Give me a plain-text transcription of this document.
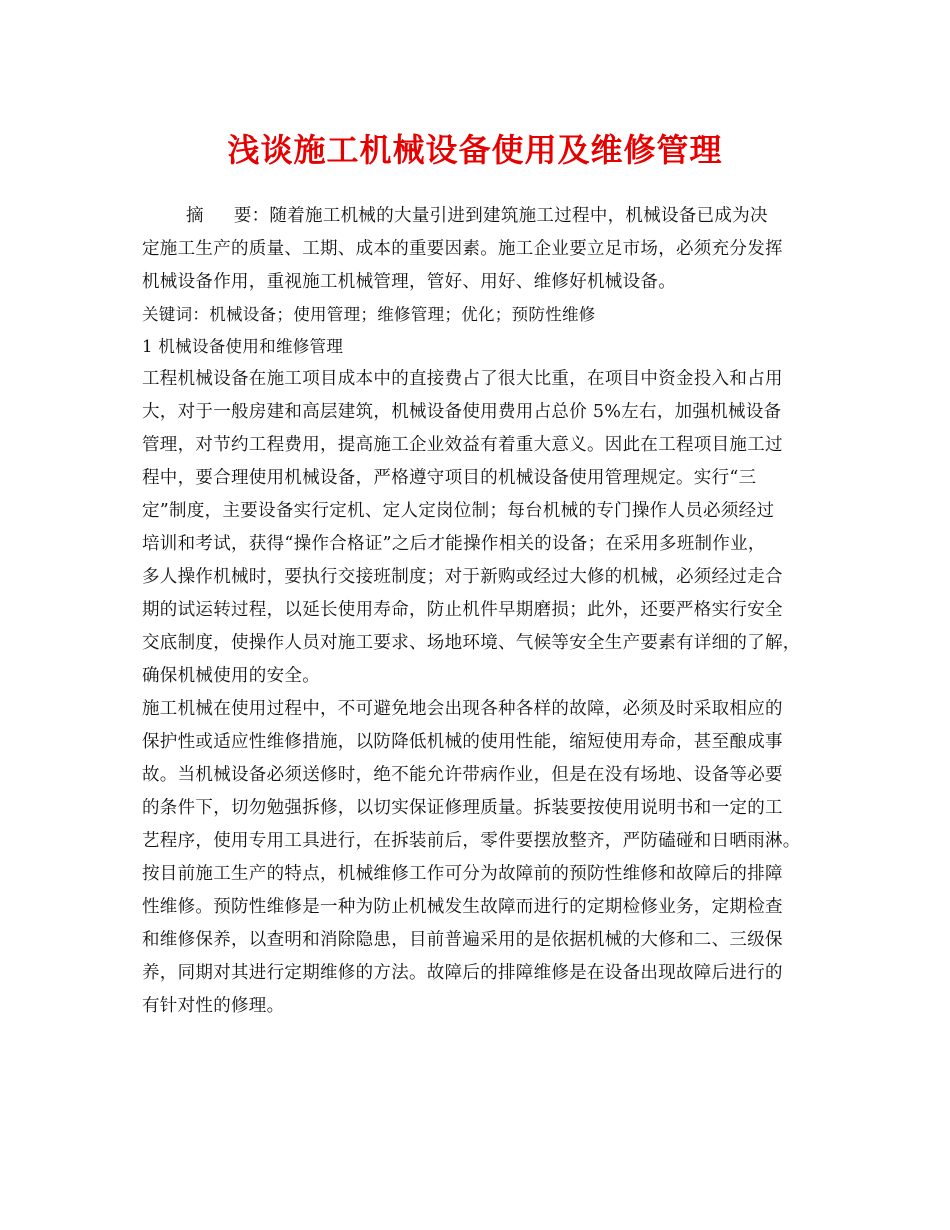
浅谈施工机械设备使用及维修管理
摘 要：随着施工机械的大量引进到建筑施工过程中，机械设备已成为决
定施工生产的质量、工期、成本的重要因素。施工企业要立足市场，必须充分发挥
机械设备作用，重视施工机械管理，管好、用好、维修好机械设备。
关键词：机械设备；使用管理；维修管理；优化；预防性维修
1 机械设备使用和维修管理
工程机械设备在施工项目成本中的直接费占了很大比重，在项目中资金投入和占用
大，对于一般房建和高层建筑，机械设备使用费用占总价 5%左右，加强机械设备
管理，对节约工程费用，提高施工企业效益有着重大意义。因此在工程项目施工过
程中，要合理使用机械设备，严格遵守项目的机械设备使用管理规定。实行“三
定”制度，主要设备实行定机、定人定岗位制；每台机械的专门操作人员必须经过
培训和考试，获得“操作合格证”之后才能操作相关的设备；在采用多班制作业，
多人操作机械时，要执行交接班制度；对于新购或经过大修的机械，必须经过走合
期的试运转过程，以延长使用寿命，防止机件早期磨损；此外，还要严格实行安全
交底制度，使操作人员对施工要求、场地环境、气候等安全生产要素有详细的了解，
确保机械使用的安全。
施工机械在使用过程中，不可避免地会出现各种各样的故障，必须及时采取相应的
保护性或适应性维修措施，以防降低机械的使用性能，缩短使用寿命，甚至酿成事
故。当机械设备必须送修时，绝不能允许带病作业，但是在没有场地、设备等必要
的条件下，切勿勉强拆修，以切实保证修理质量。拆装要按使用说明书和一定的工
艺程序，使用专用工具进行，在拆装前后，零件要摆放整齐，严防磕碰和日晒雨淋。
按目前施工生产的特点，机械维修工作可分为故障前的预防性维修和故障后的排障
性维修。预防性维修是一种为防止机械发生故障而进行的定期检修业务，定期检查
和维修保养，以查明和消除隐患，目前普遍采用的是依据机械的大修和二、三级保
养，同期对其进行定期维修的方法。故障后的排障维修是在设备出现故障后进行的
有针对性的修理。
